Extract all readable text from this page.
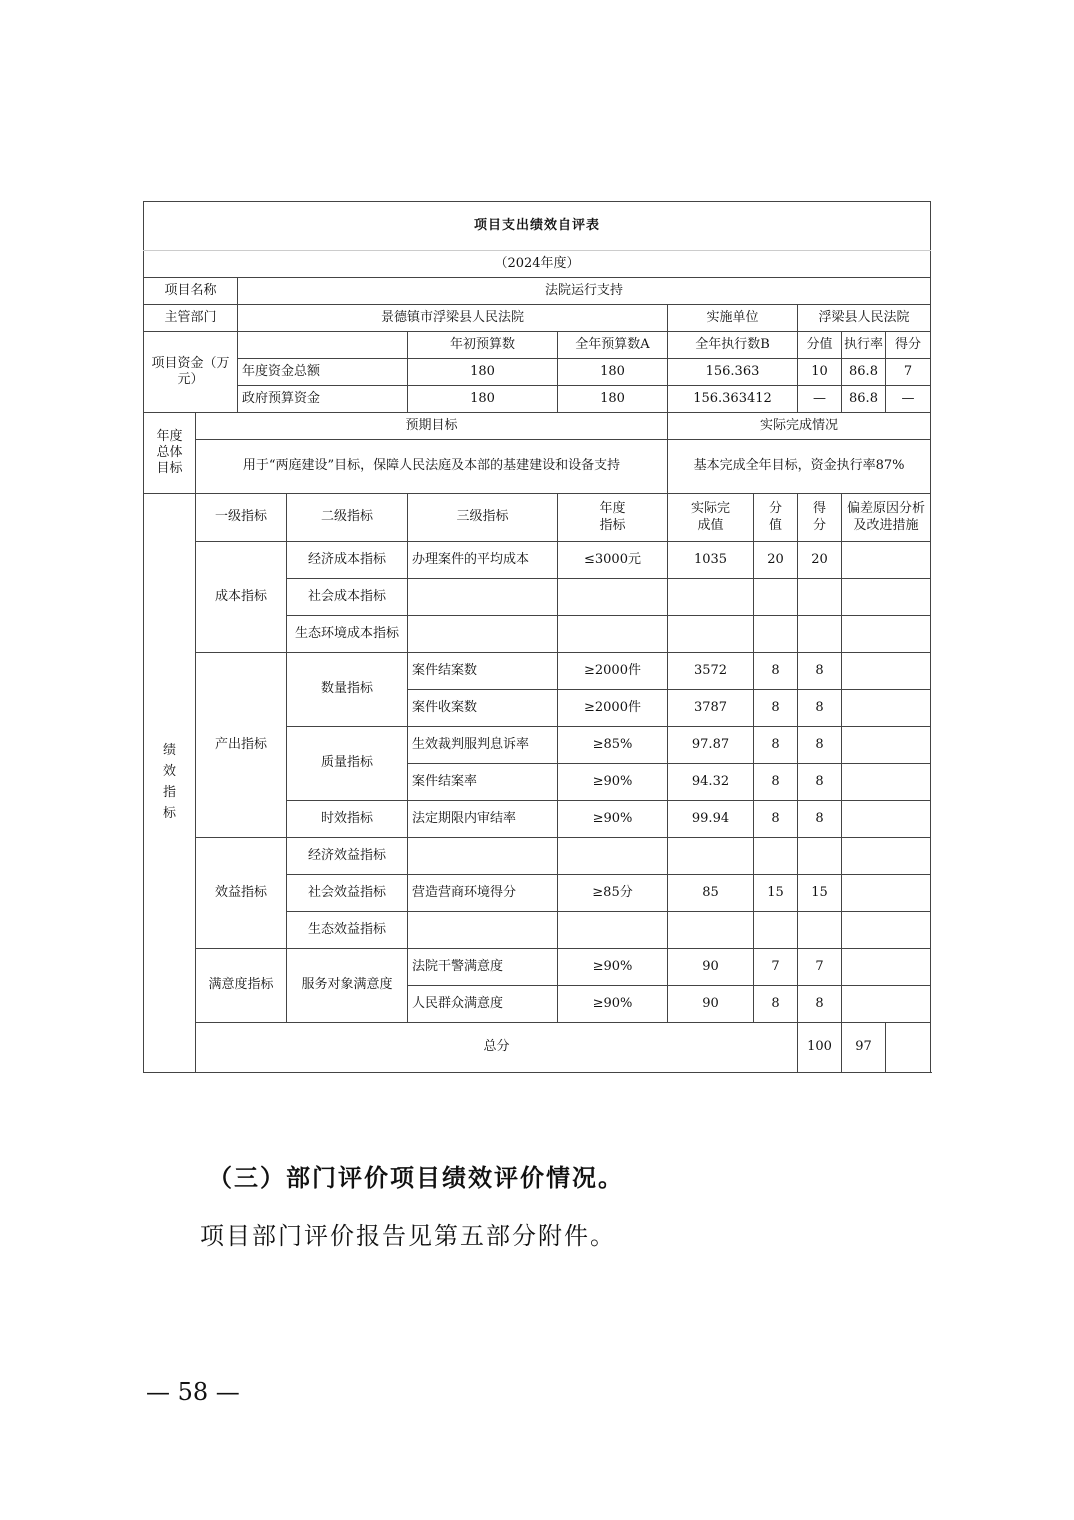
项目支出绩效自评表										
（2024年度）										
项目名称		法院运行支持								
主管部门		景德镇市浮梁县人民法院				实施单位		浮梁县人民法院		
项目资金（万元）				年初预算数	全年预算数A	全年执行数B		分值	执行率	得分
		年度资金总额		180	180	156.363		10	86.8	7
		政府预算资金		180	180	156.363412		—	86.8	—
年度总体目标	预期目标					实际完成情况				
	用于“两庭建设”目标，保障人民法庭及本部的基建建设和设备支持					基本完成全年目标，资金执行率87%				
绩效指标	一级指标		二级指标	三级指标	年度指标	实际完成值	分值	得分	偏差原因分析及改进措施	
	成本指标		经济成本指标	办理案件的平均成本	≤3000元	1035	20	20		
			社会成本指标							
			生态环境成本指标							
	产出指标		数量指标	案件结案数	≥2000件	3572	8	8		
				案件收案数	≥2000件	3787	8	8		
			质量指标	生效裁判服判息诉率	≥85%	97.87	8	8		
				案件结案率	≥90%	94.32	8	8		
			时效指标	法定期限内审结率	≥90%	99.94	8	8		
	效益指标		经济效益指标							
			社会效益指标	营造营商环境得分	≥85分	85	15	15		
			生态效益指标							
	满意度指标		服务对象满意度	法院干警满意度	≥90%	90	7	7		
				人民群众满意度	≥90%	90	8	8		
	总分							100	97	
（三）部门评价项目绩效评价情况。
项目部门评价报告见第五部分附件。
— 58 —
